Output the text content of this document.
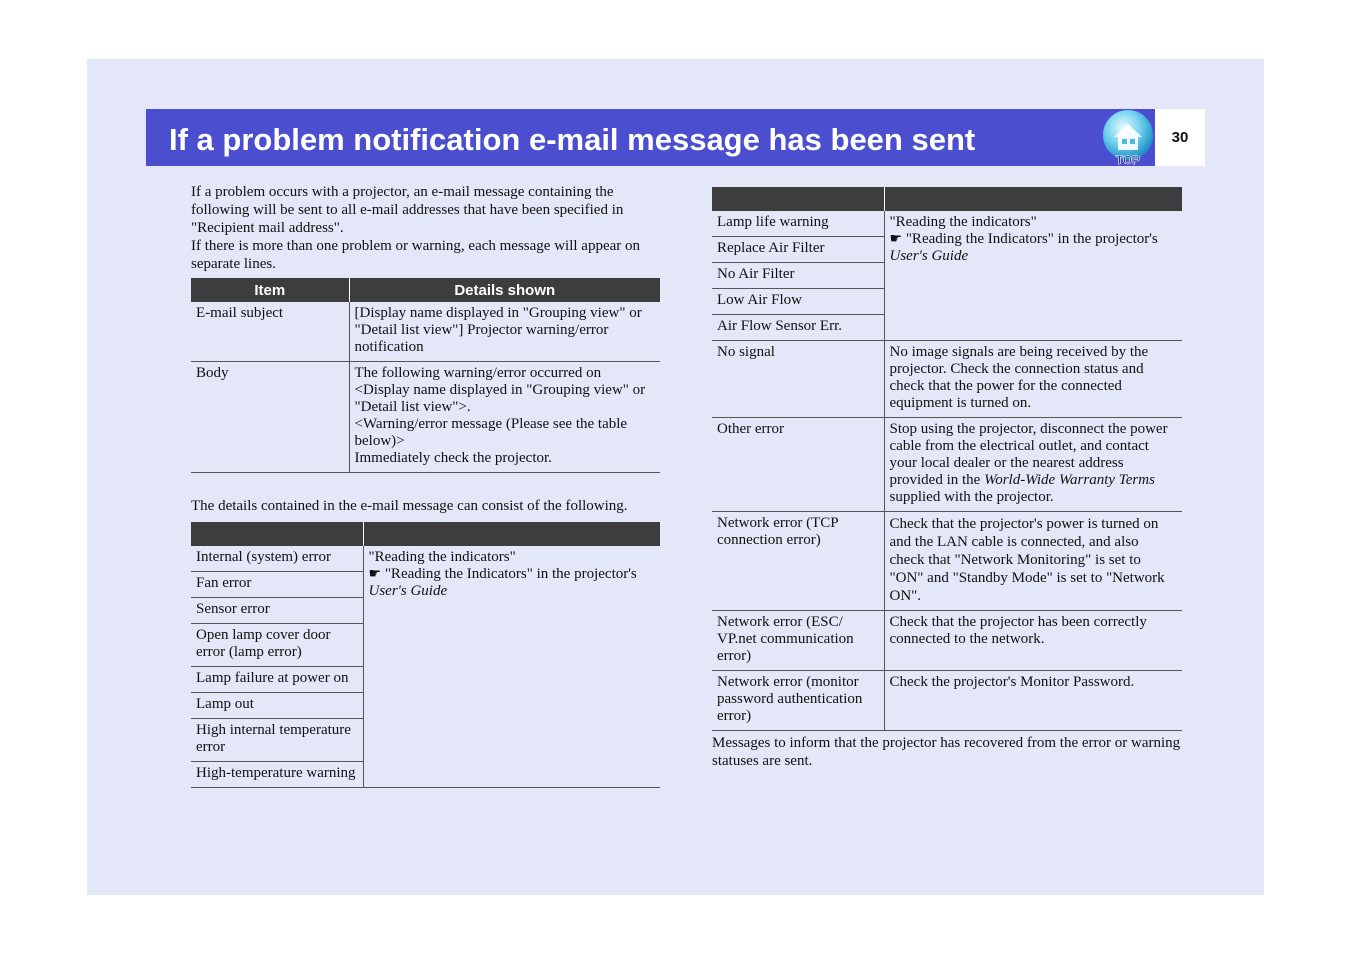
If a problem notification e-mail message has been sent
TOP
30

If a problem occurs with a projector, an e-mail message containing the following will be sent to all e-mail addresses that have been specified in "Recipient mail address".

If there is more than one problem or warning, each message will appear on separate lines.

Item	Details shown
E-mail subject	[Display name displayed in "Grouping view" or "Detail list view"] Projector warning/error notification

Body	The following warning/error occurred on <Display name displayed in "Grouping view" or "Detail list view">.
<Warning/error message (Please see the table below)>
Immediately check the projector.

The details contained in the e-mail message can consist of the following.

Internal (system) error	"Reading the indicators"
☛ "Reading the Indicators" in the projector's User's Guide
Fan error	
Sensor error	
Open lamp cover door error (lamp error)	
Lamp failure at power on	
Lamp out	
High internal temperature error	
High-temperature warning	

Lamp life warning	"Reading the indicators"
☛ "Reading the Indicators" in the projector's User's Guide
Replace Air Filter	
No Air Filter	
Low Air Flow	
Air Flow Sensor Err.	
No signal	No image signals are being received by the projector. Check the connection status and check that the power for the connected equipment is turned on.
Other error	Stop using the projector, disconnect the power cable from the electrical outlet, and contact your local dealer or the nearest address provided in the World-Wide Warranty Terms supplied with the projector.
Network error (TCP connection error)	Check that the projector's power is turned on and the LAN cable is connected, and also check that "Network Monitoring" is set to "ON" and "Standby Mode" is set to "Network ON".
Network error (ESC/ VP.net communication error)	Check that the projector has been correctly connected to the network.
Network error (monitor password authentication error)	Check the projector's Monitor Password.

Messages to inform that the projector has recovered from the error or warning statuses are sent.
